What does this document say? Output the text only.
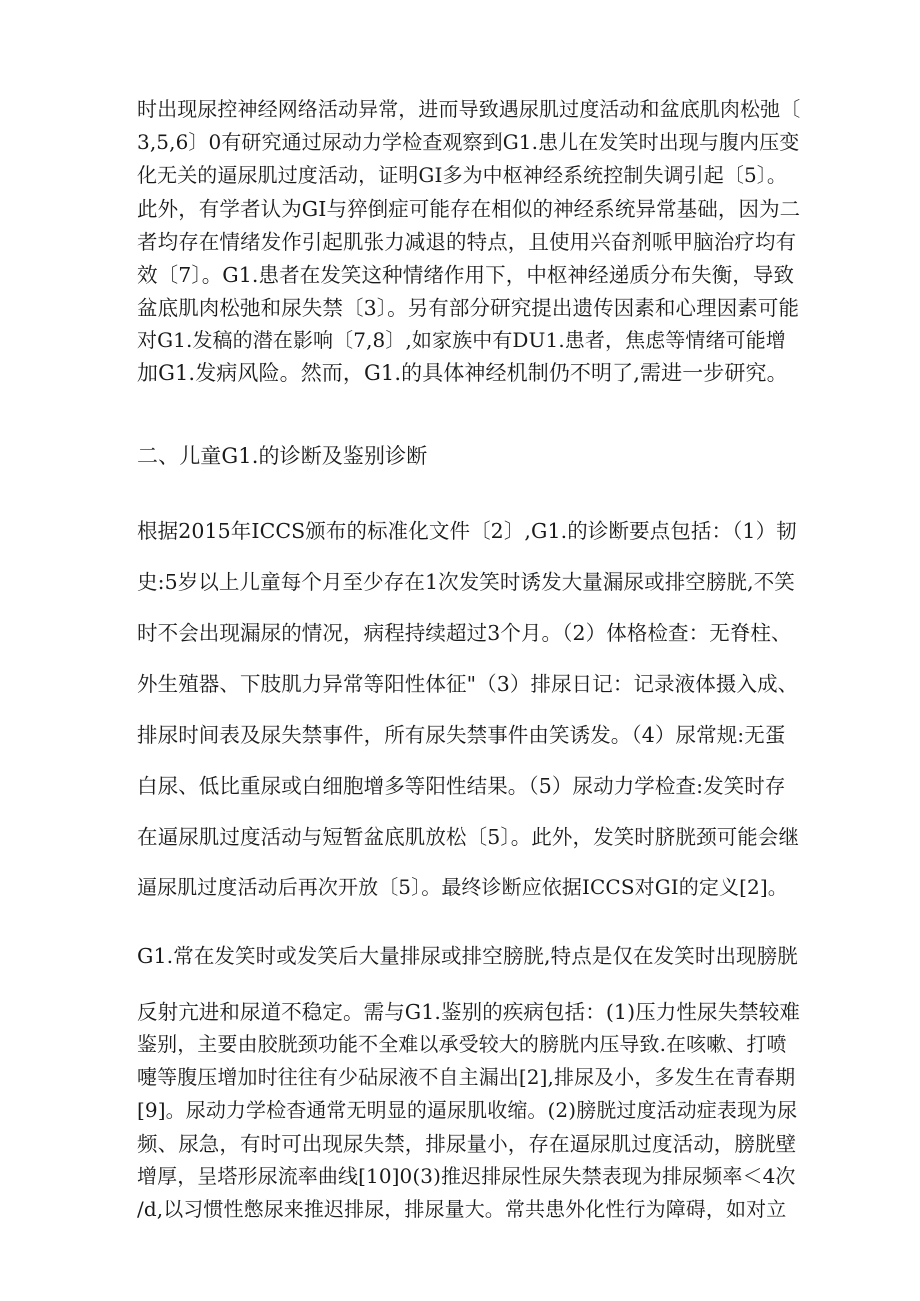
时出现尿控神经网络活动异常，进而导致遇尿肌过度活动和盆底肌肉松弛〔
3,5,6〕0有研究通过尿动力学检查观察到G1.患儿在发笑时出现与腹内压变
化无关的逼尿肌过度活动，证明GI多为中枢神经系统控制失调引起〔5〕。
此外，有学者认为GI与猝倒症可能存在相似的神经系统异常基础，因为二
者均存在情绪发作引起肌张力减退的特点，且使用兴奋剂哌甲脑治疗均有
效〔7〕。G1.患者在发笑这种情绪作用下，中枢神经递质分布失衡，导致
盆底肌肉松弛和尿失禁〔3〕。另有部分研究提出遗传因素和心理因素可能
对G1.发稿的潜在影响〔7,8〕,如家族中有DU1.患者，焦虑等情绪可能增
加G1.发病风险。然而，G1.的具体神经机制仍不明了,需进一步研究。
二、儿童G1.的诊断及鉴别诊断
根据2015年ICCS颁布的标准化文件〔2〕,G1.的诊断要点包括：（1）韧
史:5岁以上儿童每个月至少存在1次发笑时诱发大量漏尿或排空膀胱,不笑
时不会出现漏尿的情况，病程持续超过3个月。（2）体格检查：无脊柱、
外生殖器、下肢肌力异常等阳性体征"（3）排尿日记：记录液体摄入成、
排尿时间表及尿失禁事件，所有尿失禁事件由笑诱发。（4）尿常规:无蛋
白尿、低比重尿或白细胞增多等阳性结果。（5）尿动力学检查:发笑时存
在逼尿肌过度活动与短暂盆底肌放松〔5〕。此外，发笑时脐胱颈可能会继
逼尿肌过度活动后再次开放〔5〕。最终诊断应依据ICCS对GI的定义[2]。
G1.常在发笑时或发笑后大量排尿或排空膀胱,特点是仅在发笑时出现膀胱
反射亢进和尿道不稳定。需与G1.鉴别的疾病包括：(1)压力性尿失禁较难
鉴别，主要由胶胱颈功能不全难以承受较大的膀胱内压导致.在咳嗽、打喷
嚏等腹压增加时往往有少砧尿液不自主漏出[2],排尿及小，多发生在青春期
[9]。尿动力学检杳通常无明显的逼尿肌收缩。(2)膀胱过度活动症表现为尿
频、尿急，有时可出现尿失禁，排尿量小，存在逼尿肌过度活动，膀胱壁
增厚，呈塔形尿流率曲线[10]0(3)推迟排尿性尿失禁表现为排尿频率＜4次
/d,以习惯性憋尿来推迟排尿，排尿量大。常共患外化性行为障碍，如对立
